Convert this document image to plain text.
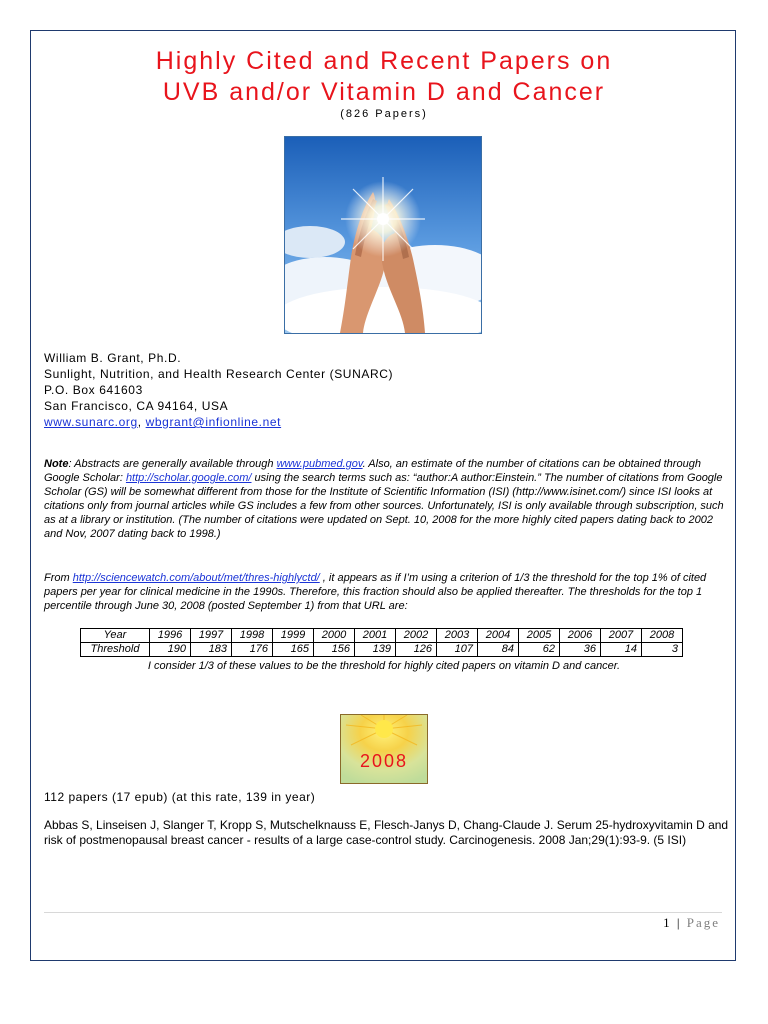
Highly Cited and Recent Papers on
UVB and/or Vitamin D and Cancer
(826 Papers)
William B. Grant, Ph.D.
Sunlight, Nutrition, and Health Research Center (SUNARC)
P.O. Box 641603
San Francisco, CA 94164, USA
www.sunarc.org, wbgrant@infionline.net
Note: Abstracts are generally available through www.pubmed.gov. Also, an estimate of the number of citations can be obtained through Google Scholar: http://scholar.google.com/ using the search terms such as: “author:A author:Einstein.” The number of citations from Google Scholar (GS) will be somewhat different from those for the Institute of Scientific Information (ISI) (http://www.isinet.com/) since ISI looks at citations only from journal articles while GS includes a few from other sources. Unfortunately, ISI is only available through subscription, such as at a library or institution. (The number of citations were updated on Sept. 10, 2008 for the more highly cited papers dating back to 2002 and Nov, 2007 dating back to 1998.)
From http://sciencewatch.com/about/met/thres-highlyctd/ , it appears as if I’m using a criterion of 1/3 the threshold for the top 1% of cited papers per year for clinical medicine in the 1990s. Therefore, this fraction should also be applied thereafter. The thresholds for the top 1 percentile through June 30, 2008 (posted September 1) from that URL are:
Year	1996	1997	1998	1999	2000	2001	2002	2003	2004	2005	2006	2007	2008
Threshold	190	183	176	165	156	139	126	107	84	62	36	14	3
I consider 1/3 of these values to be the threshold for highly cited papers on vitamin D and cancer.
2008
112 papers (17 epub) (at this rate, 139 in year)
Abbas S, Linseisen J, Slanger T, Kropp S, Mutschelknauss E, Flesch-Janys D, Chang-Claude J. Serum 25-hydroxyvitamin D and risk of postmenopausal breast cancer - results of a large case-control study. Carcinogenesis. 2008 Jan;29(1):93-9. (5 ISI)
1 | Page
